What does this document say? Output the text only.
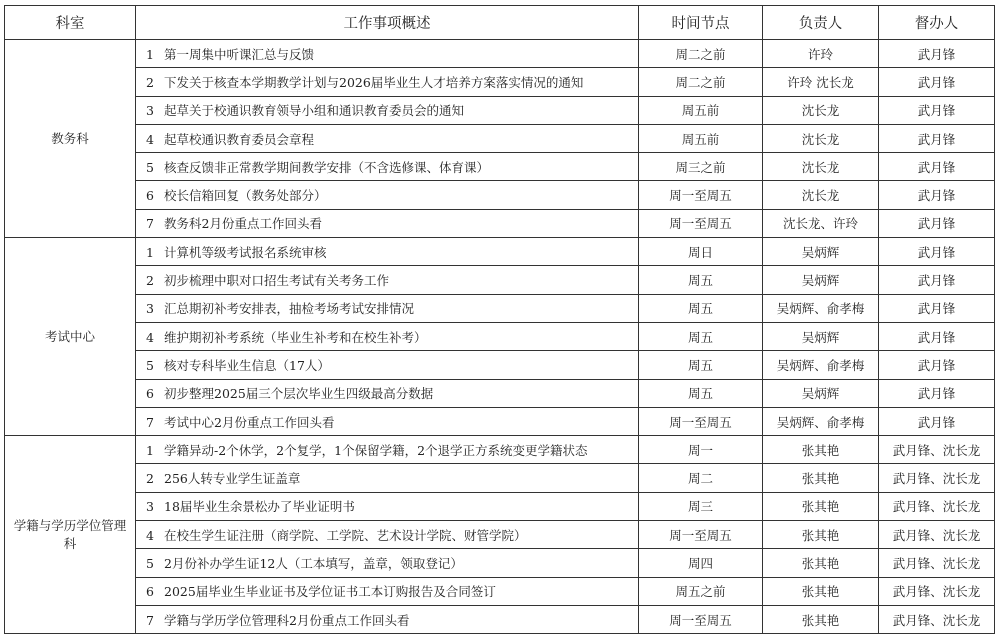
科室	工作事项概述	时间节点	负责人	督办人
教务科	1 第一周集中听课汇总与反馈	周二之前	许玲	武月锋
	2 下发关于核查本学期教学计划与2026届毕业生人才培养方案落实情况的通知	周二之前	许玲 沈长龙	武月锋
	3 起草关于校通识教育领导小组和通识教育委员会的通知	周五前	沈长龙	武月锋
	4 起草校通识教育委员会章程	周五前	沈长龙	武月锋
	5 核查反馈非正常教学期间教学安排（不含选修课、体育课）	周三之前	沈长龙	武月锋
	6 校长信箱回复（教务处部分）	周一至周五	沈长龙	武月锋
	7 教务科2月份重点工作回头看	周一至周五	沈长龙、许玲	武月锋
考试中心	1 计算机等级考试报名系统审核	周日	吴炳辉	武月锋
	2 初步梳理中职对口招生考试有关考务工作	周五	吴炳辉	武月锋
	3 汇总期初补考安排表，抽检考场考试安排情况	周五	吴炳辉、俞孝梅	武月锋
	4 维护期初补考系统（毕业生补考和在校生补考）	周五	吴炳辉	武月锋
	5 核对专科毕业生信息（17人）	周五	吴炳辉、俞孝梅	武月锋
	6 初步整理2025届三个层次毕业生四级最高分数据	周五	吴炳辉	武月锋
	7 考试中心2月份重点工作回头看	周一至周五	吴炳辉、俞孝梅	武月锋
学籍与学历学位管理科	1 学籍异动-2个休学，2个复学，1个保留学籍，2个退学正方系统变更学籍状态	周一	张其艳	武月锋、沈长龙
	2 256人转专业学生证盖章	周二	张其艳	武月锋、沈长龙
	3 18届毕业生余景松办了毕业证明书	周三	张其艳	武月锋、沈长龙
	4 在校生学生证注册（商学院、工学院、艺术设计学院、财管学院）	周一至周五	张其艳	武月锋、沈长龙
	5 2月份补办学生证12人（工本填写，盖章，领取登记）	周四	张其艳	武月锋、沈长龙
	6 2025届毕业生毕业证书及学位证书工本订购报告及合同签订	周五之前	张其艳	武月锋、沈长龙
	7 学籍与学历学位管理科2月份重点工作回头看	周一至周五	张其艳	武月锋、沈长龙
